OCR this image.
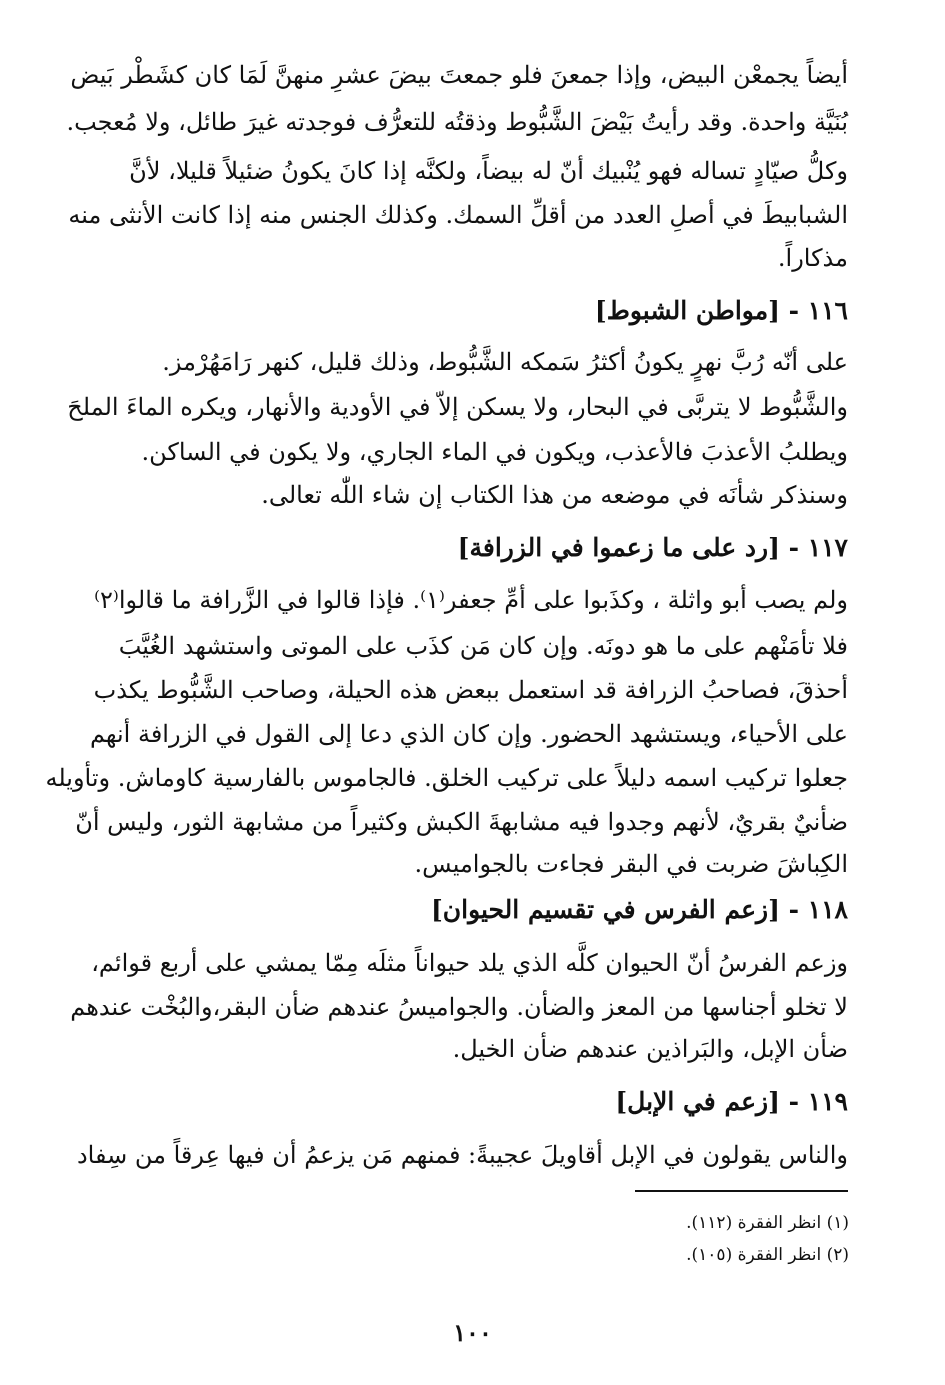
أيضاً يجمعْن البيض، وإذا جمعنَ فلو جمعتَ بيضَ عشرِ منهنَّ لَمَا كان كشَطْر بَيض
بُنَيَّة واحدة. وقد رأيتُ بَيْضَ الشَّبُّوط وذقتُه للتعرُّف فوجدته غيرَ طائل، ولا مُعجب.
وكلُّ صيّادٍ تساله فهو يُنْبيك أنّ له بيضاً، ولكنَّه إذا كانَ يكونُ ضئيلاً قليلا، لأنَّ
الشبابيطَ في أصلِ العدد من أقلِّ السمك. وكذلك الجنس منه إذا كانت الأنثى منه
مذكاراً.
١١٦ - [مواطن الشبوط]
على أنّه رُبَّ نهرٍ يكونُ أكثرُ سَمكه الشَّبُّوط، وذلك قليل، كنهر رَامَهُرْمز.
والشَّبُّوط لا يتربَّى في البحار، ولا يسكن إلاّ في الأودية والأنهار، ويكره الماءَ الملحَ
ويطلبُ الأعذبَ فالأعذب، ويكون في الماء الجاري، ولا يكون في الساكن.
وسنذكر شأنَه في موضعه من هذا الكتاب إن شاء اللّٰه تعالى.
١١٧ - [رد على ما زعموا في الزرافة]
ولم يصب أبو واثلة ، وكذَبوا على أمِّ جعفر⁽١⁾. فإذا قالوا في الزَّرافة ما قالوا⁽٢⁾
فلا تأمَنْهم على ما هو دونَه. وإن كان مَن كذَب على الموتى واستشهد الغُيَّبَ
أحذقَ، فصاحبُ الزرافة قد استعمل ببعض هذه الحيلة، وصاحب الشَّبُّوط يكذب
على الأحياء، ويستشهد الحضور. وإن كان الذي دعا إلى القول في الزرافة أنهم
جعلوا تركيب اسمه دليلاً على تركيب الخلق. فالجاموس بالفارسية كاوماش. وتأويله
ضأنيٌ بقريٌ، لأنهم وجدوا فيه مشابهةَ الكبش وكثيراً من مشابهة الثور، وليس أنّ
الكِباشَ ضربت في البقر فجاءت بالجواميس.
١١٨ - [زعم الفرس في تقسيم الحيوان]
وزعم الفرسُ أنّ الحيوان كلَّه الذي يلد حيواناً مثلَه مِمّا يمشي على أربع قوائم،
لا تخلو أجناسها من المعز والضأن. والجواميسُ عندهم ضأن البقر،والبُخْت عندهم
ضأن الإبل، والبَراذين عندهم ضأن الخيل.
١١٩ - [زعم في الإبل]
والناس يقولون في الإبل أقاويلَ عجيبةً: فمنهم مَن يزعمُ أن فيها عِرقاً من سِفاد
(١) انظر الفقرة (١١٢).
(٢) انظر الفقرة (١٠٥).
١٠٠
